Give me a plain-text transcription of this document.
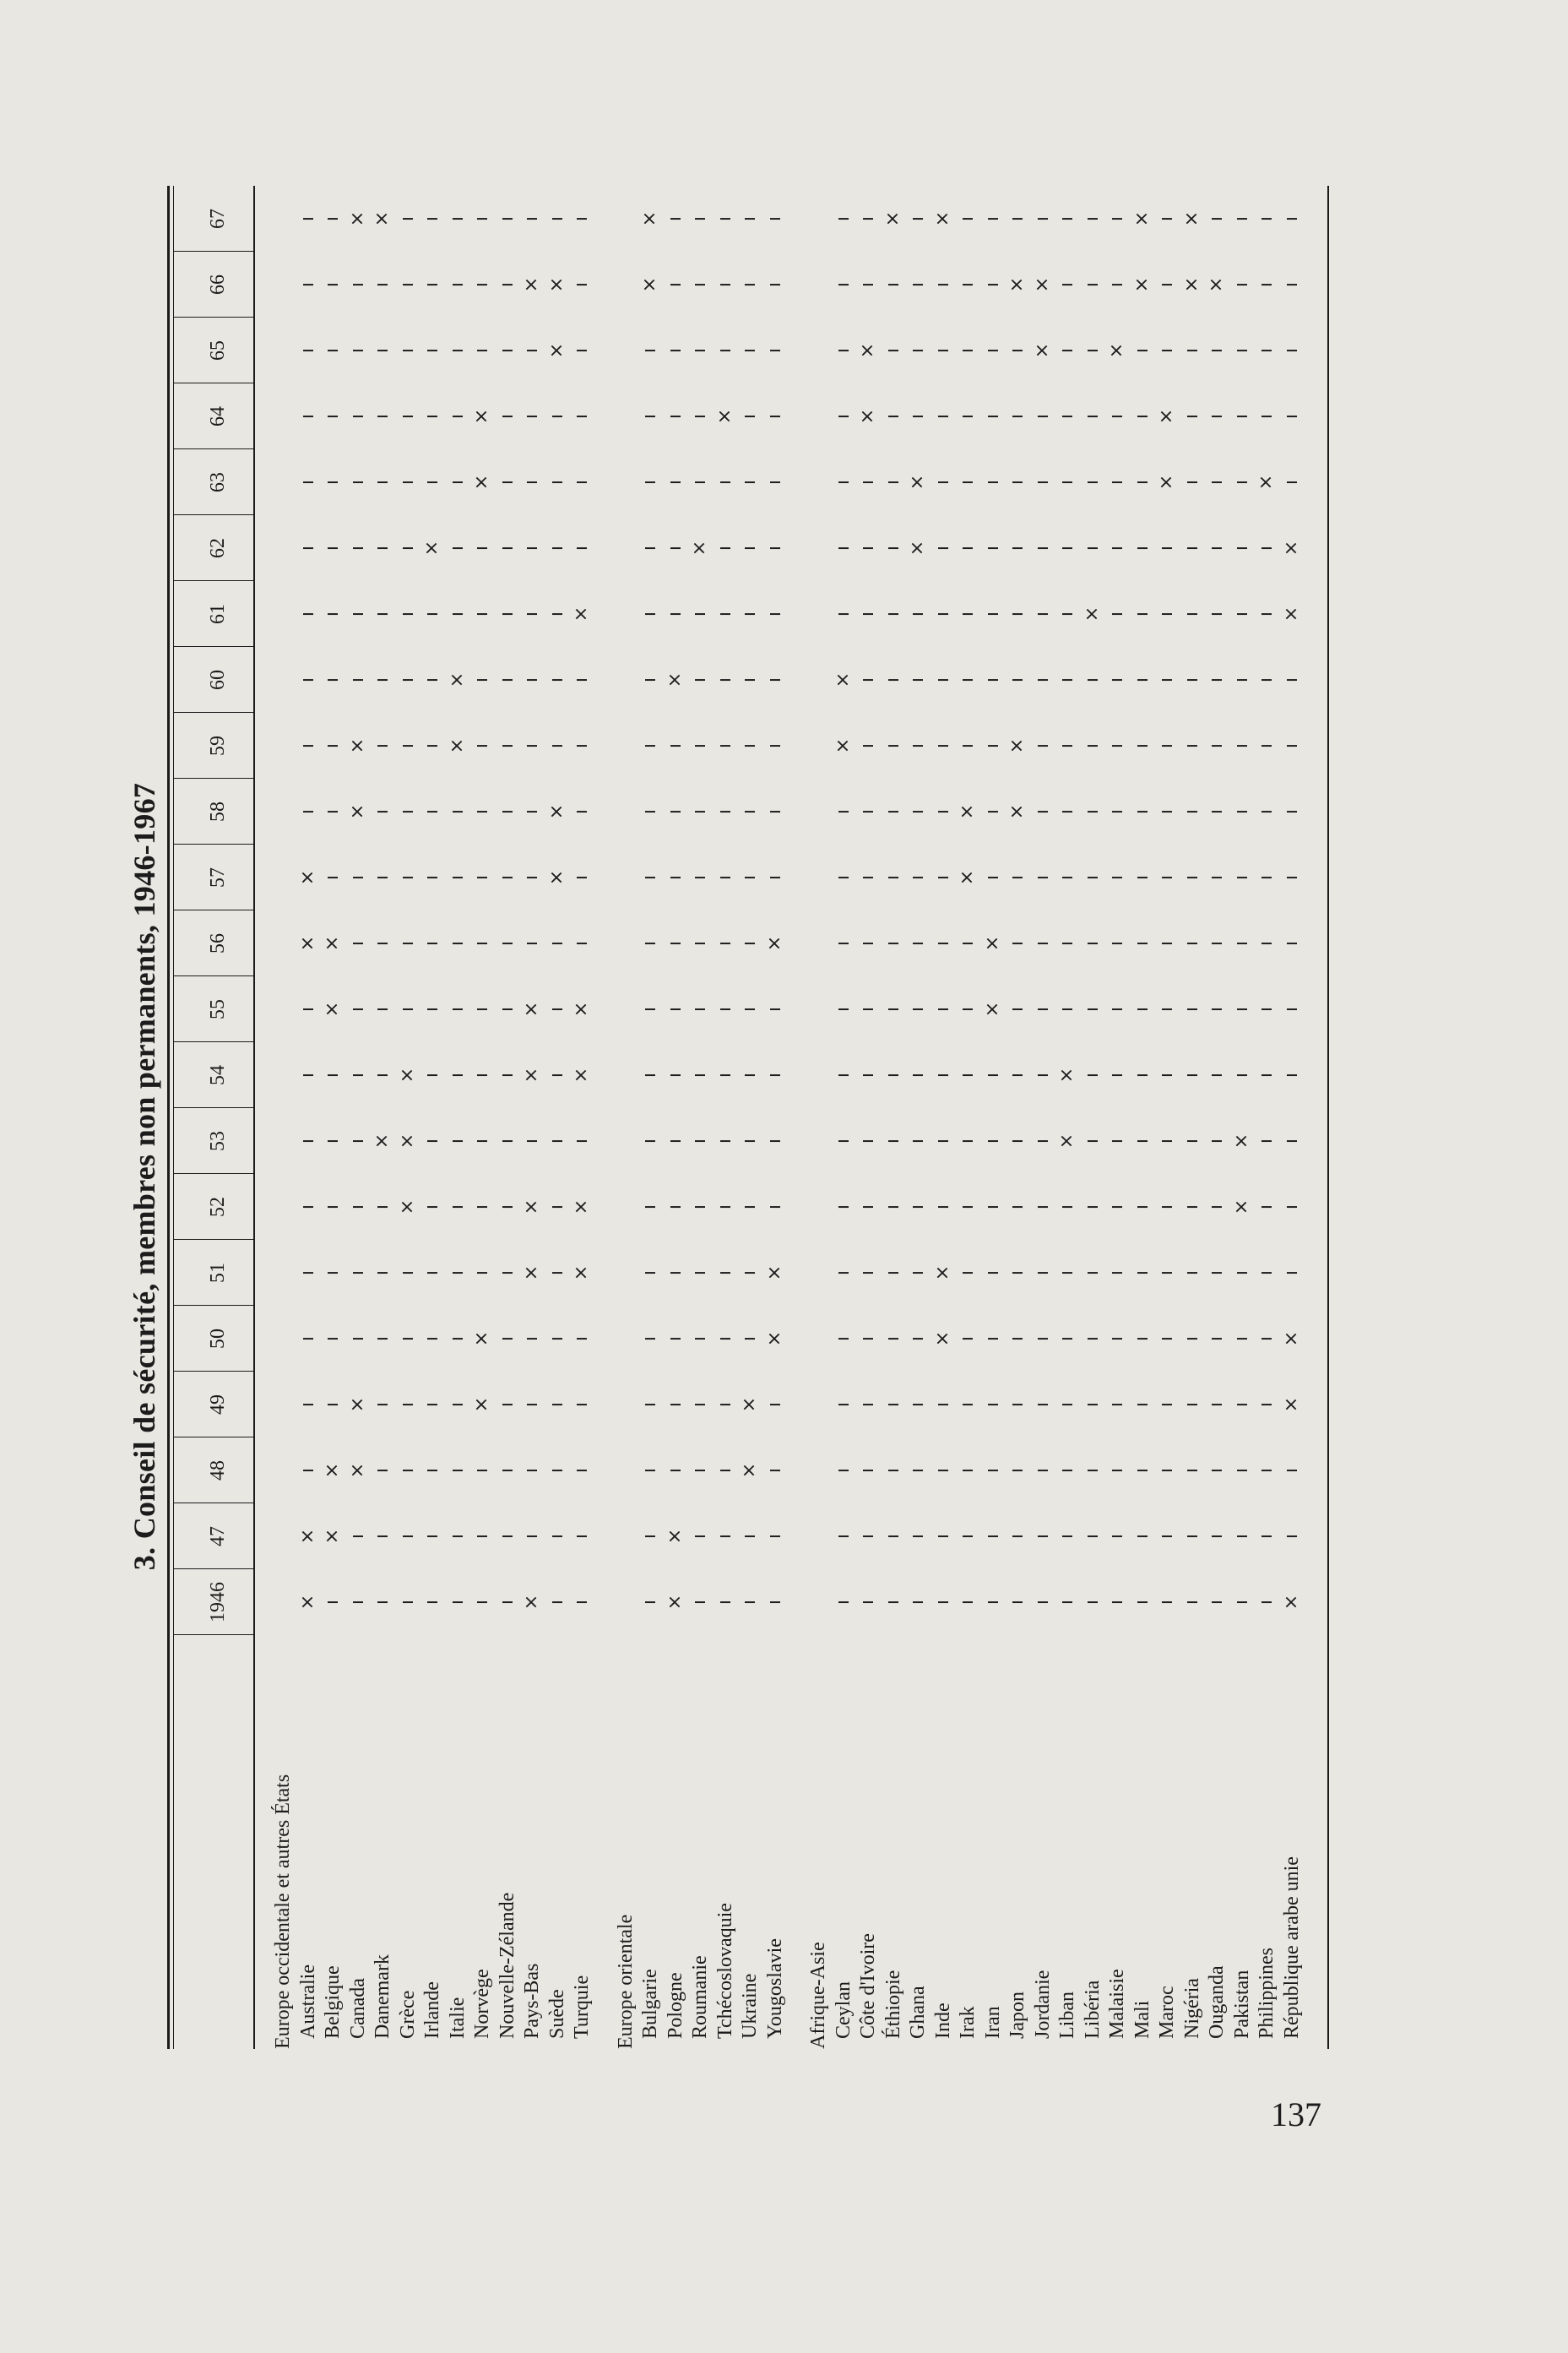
3. Conseil de sécurité, membres non permanents, 1946-1967
1946
47
48
49
50
51
52
53
54
55
56
57
58
59
60
61
62
63
64
65
66
67
Europe occidentale et autres États Australie
×
×
ı
ı
ı
ı
ı
ı
ı
ı
×
×
ı
ı
ı
ı
ı
ı
ı
ı
ı
ı
Belgique
ı
×
×
ı
ı
ı
ı
ı
ı
×
×
ı
ı
ı
ı
ı
ı
ı
ı
ı
ı
ı
Canada
ı
ı
×
×
ı
ı
ı
ı
ı
ı
ı
ı
×
×
ı
ı
ı
ı
ı
ı
ı
×
Danemark
ı
ı
ı
ı
ı
ı
ı
×
ı
ı
ı
ı
ı
ı
ı
ı
ı
ı
ı
ı
ı
×
Grèce
ı
ı
ı
ı
ı
ı
×
×
×
ı
ı
ı
ı
ı
ı
ı
ı
ı
ı
ı
ı
ı
Irlande
ı
ı
ı
ı
ı
ı
ı
ı
ı
ı
ı
ı
ı
ı
ı
ı
×
ı
ı
ı
ı
ı
Italie
ı
ı
ı
ı
ı
ı
ı
ı
ı
ı
ı
ı
ı
×
×
ı
ı
ı
ı
ı
ı
ı
Norvège
ı
ı
ı
×
×
ı
ı
ı
ı
ı
ı
ı
ı
ı
ı
ı
ı
×
×
ı
ı
ı
Nouvelle-Zélande
ı
ı
ı
ı
ı
ı
ı
ı
ı
ı
ı
ı
ı
ı
ı
ı
ı
ı
ı
ı
ı
ı
Pays-Bas
×
ı
ı
ı
ı
×
×
ı
×
×
ı
ı
ı
ı
ı
ı
ı
ı
ı
ı
×
ı
Suède
ı
ı
ı
ı
ı
ı
ı
ı
ı
ı
ı
×
×
ı
ı
ı
ı
ı
ı
×
×
ı
Turquie
ı
ı
ı
ı
ı
×
×
ı
×
×
ı
ı
ı
ı
ı
×
ı
ı
ı
ı
ı
ı
Europe orientale Bulgarie
ı
ı
ı
ı
ı
ı
ı
ı
ı
ı
ı
ı
ı
ı
ı
ı
ı
ı
ı
ı
×
×
Pologne
×
×
ı
ı
ı
ı
ı
ı
ı
ı
ı
ı
ı
ı
×
ı
ı
ı
ı
ı
ı
ı
Roumanie
ı
ı
ı
ı
ı
ı
ı
ı
ı
ı
ı
ı
ı
ı
ı
ı
×
ı
ı
ı
ı
ı
Tchécoslovaquie
ı
ı
ı
ı
ı
ı
ı
ı
ı
ı
ı
ı
ı
ı
ı
ı
ı
ı
×
ı
ı
ı
Ukraine
ı
ı
×
×
ı
ı
ı
ı
ı
ı
ı
ı
ı
ı
ı
ı
ı
ı
ı
ı
ı
ı
Yougoslavie
ı
ı
ı
ı
×
×
ı
ı
ı
ı
×
ı
ı
ı
ı
ı
ı
ı
ı
ı
ı
ı
Afrique-Asie Ceylan
ı
ı
ı
ı
ı
ı
ı
ı
ı
ı
ı
ı
ı
×
×
ı
ı
ı
ı
ı
ı
ı
Côte d'Ivoire
ı
ı
ı
ı
ı
ı
ı
ı
ı
ı
ı
ı
ı
ı
ı
ı
ı
ı
×
×
ı
ı
Éthiopie
ı
ı
ı
ı
ı
ı
ı
ı
ı
ı
ı
ı
ı
ı
ı
ı
ı
ı
ı
ı
ı
×
Ghana
ı
ı
ı
ı
ı
ı
ı
ı
ı
ı
ı
ı
ı
ı
ı
ı
×
×
ı
ı
ı
ı
Inde
ı
ı
ı
ı
×
×
ı
ı
ı
ı
ı
ı
ı
ı
ı
ı
ı
ı
ı
ı
ı
×
Irak
ı
ı
ı
ı
ı
ı
ı
ı
ı
ı
ı
×
×
ı
ı
ı
ı
ı
ı
ı
ı
ı
Iran
ı
ı
ı
ı
ı
ı
ı
ı
ı
×
×
ı
ı
ı
ı
ı
ı
ı
ı
ı
ı
ı
Japon
ı
ı
ı
ı
ı
ı
ı
ı
ı
ı
ı
ı
×
×
ı
ı
ı
ı
ı
ı
×
ı
Jordanie
ı
ı
ı
ı
ı
ı
ı
ı
ı
ı
ı
ı
ı
ı
ı
ı
ı
ı
ı
×
×
ı
Liban
ı
ı
ı
ı
ı
ı
ı
×
×
ı
ı
ı
ı
ı
ı
ı
ı
ı
ı
ı
ı
ı
Libéria
ı
ı
ı
ı
ı
ı
ı
ı
ı
ı
ı
ı
ı
ı
ı
×
ı
ı
ı
ı
ı
ı
Malaisie
ı
ı
ı
ı
ı
ı
ı
ı
ı
ı
ı
ı
ı
ı
ı
ı
ı
ı
ı
×
ı
ı
Mali
ı
ı
ı
ı
ı
ı
ı
ı
ı
ı
ı
ı
ı
ı
ı
ı
ı
ı
ı
ı
×
×
Maroc
ı
ı
ı
ı
ı
ı
ı
ı
ı
ı
ı
ı
ı
ı
ı
ı
ı
×
×
ı
ı
ı
Nigéria
ı
ı
ı
ı
ı
ı
ı
ı
ı
ı
ı
ı
ı
ı
ı
ı
ı
ı
ı
ı
×
×
Ouganda
ı
ı
ı
ı
ı
ı
ı
ı
ı
ı
ı
ı
ı
ı
ı
ı
ı
ı
ı
ı
×
ı
Pakistan
ı
ı
ı
ı
ı
ı
×
×
ı
ı
ı
ı
ı
ı
ı
ı
ı
ı
ı
ı
ı
ı
Philippines
ı
ı
ı
ı
ı
ı
ı
ı
ı
ı
ı
ı
ı
ı
ı
ı
ı
×
ı
ı
ı
ı
République arabe unie
×
ı
ı
×
×
ı
ı
ı
ı
ı
ı
ı
ı
ı
ı
×
×
ı
ı
ı
ı
ı
137
